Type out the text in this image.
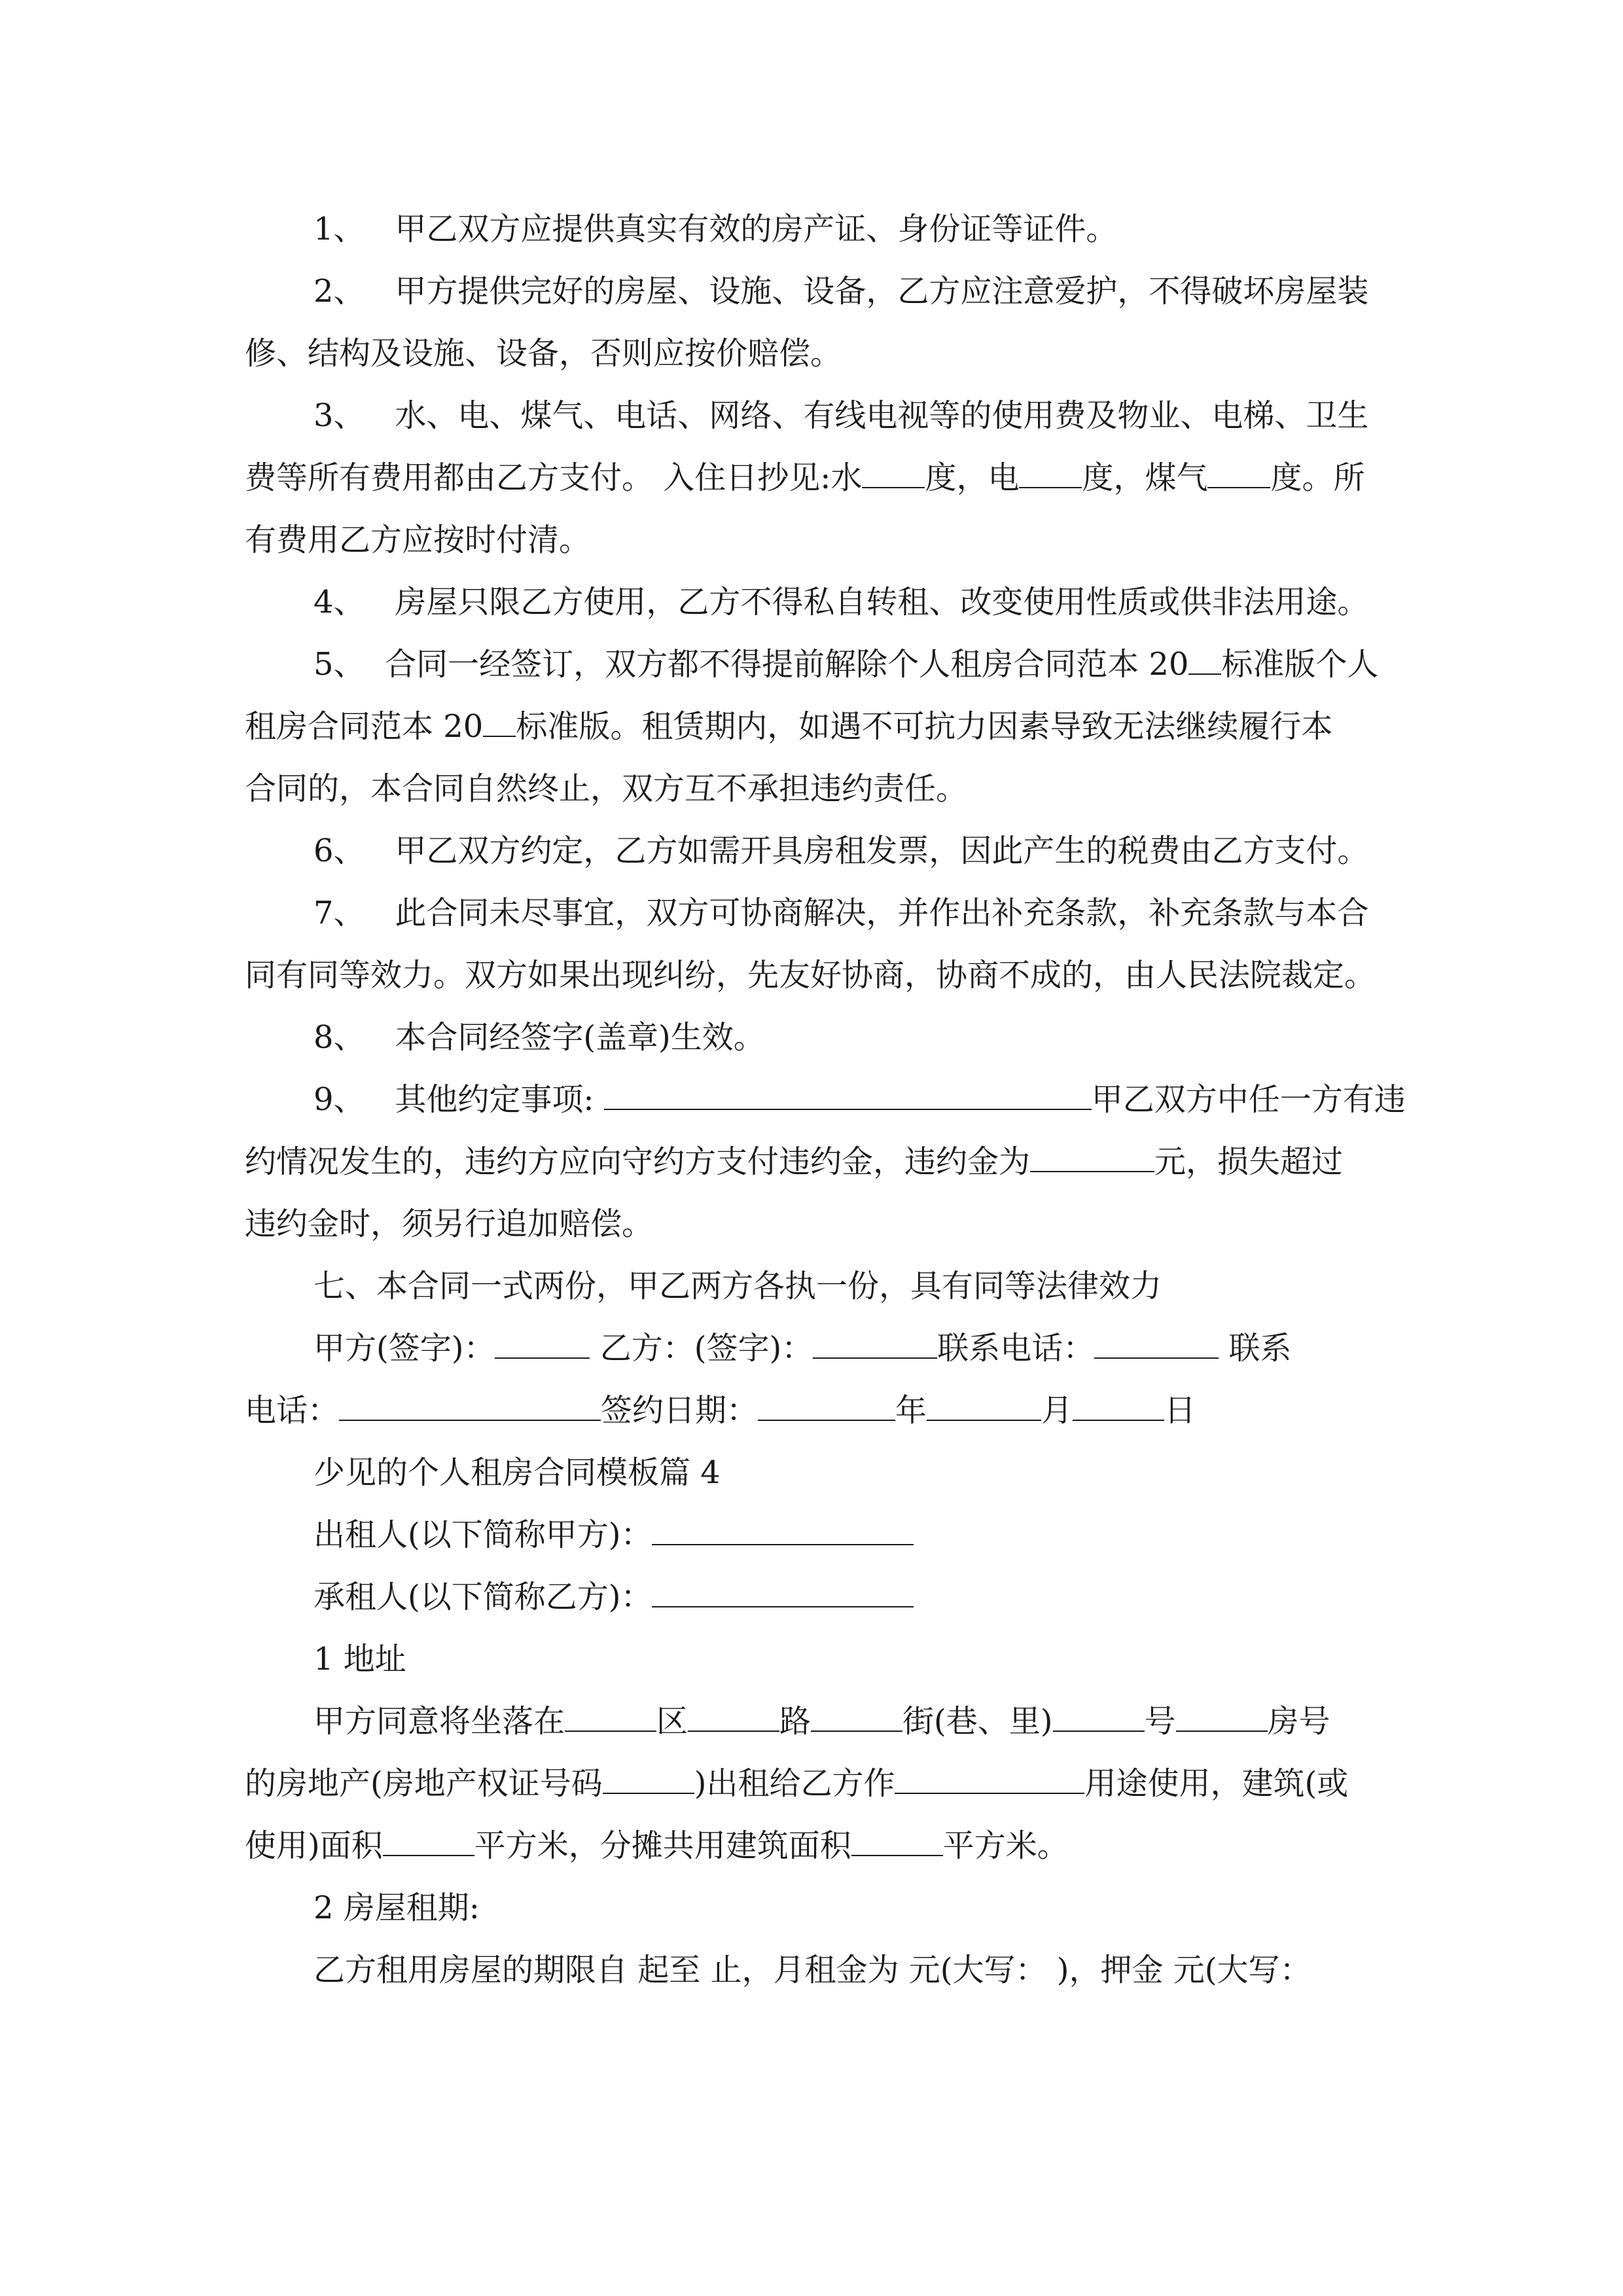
1、 甲乙双方应提供真实有效的房产证、身份证等证件。
2、 甲方提供完好的房屋、设施、设备，乙方应注意爱护，不得破坏房屋装
修、结构及设施、设备，否则应按价赔偿。
3、 水、电、煤气、电话、网络、有线电视等的使用费及物业、电梯、卫生
费等所有费用都由乙方支付。 入住日抄见:水 度，电 度，煤气 度。所
有费用乙方应按时付清。
4、 房屋只限乙方使用，乙方不得私自转租、改变使用性质或供非法用途。
5、 合同一经签订，双方都不得提前解除个人租房合同范本 20 标准版个人
租房合同范本 20 标准版。租赁期内，如遇不可抗力因素导致无法继续履行本
合同的，本合同自然终止，双方互不承担违约责任。
6、 甲乙双方约定，乙方如需开具房租发票，因此产生的税费由乙方支付。
7、 此合同未尽事宜，双方可协商解决，并作出补充条款，补充条款与本合
同有同等效力。双方如果出现纠纷，先友好协商，协商不成的，由人民法院裁定。
8、 本合同经签字(盖章)生效。
9、 其他约定事项:	甲乙双方中任一方有违
约情况发生的，违约方应向守约方支付违约金，违约金为	元，损失超过
违约金时，须另行追加赔偿。
七、本合同一式两份，甲乙两方各执一份，具有同等法律效力
甲方(签字)：	乙方：(签字)：	联系电话：	联系
电话：	签约日期：	年	月	日
少见的个人租房合同模板篇 4
出租人(以下简称甲方)：
承租人(以下简称乙方)：
1 地址
甲方同意将坐落在	区	路	街(巷、里)	号	房号
的房地产(房地产权证号码	)出租给乙方作	用途使用，建筑(或
使用)面积	平方米，分摊共用建筑面积	平方米。
2 房屋租期:
乙方租用房屋的期限自 起至 止，月租金为 元(大写： )，押金 元(大写：
